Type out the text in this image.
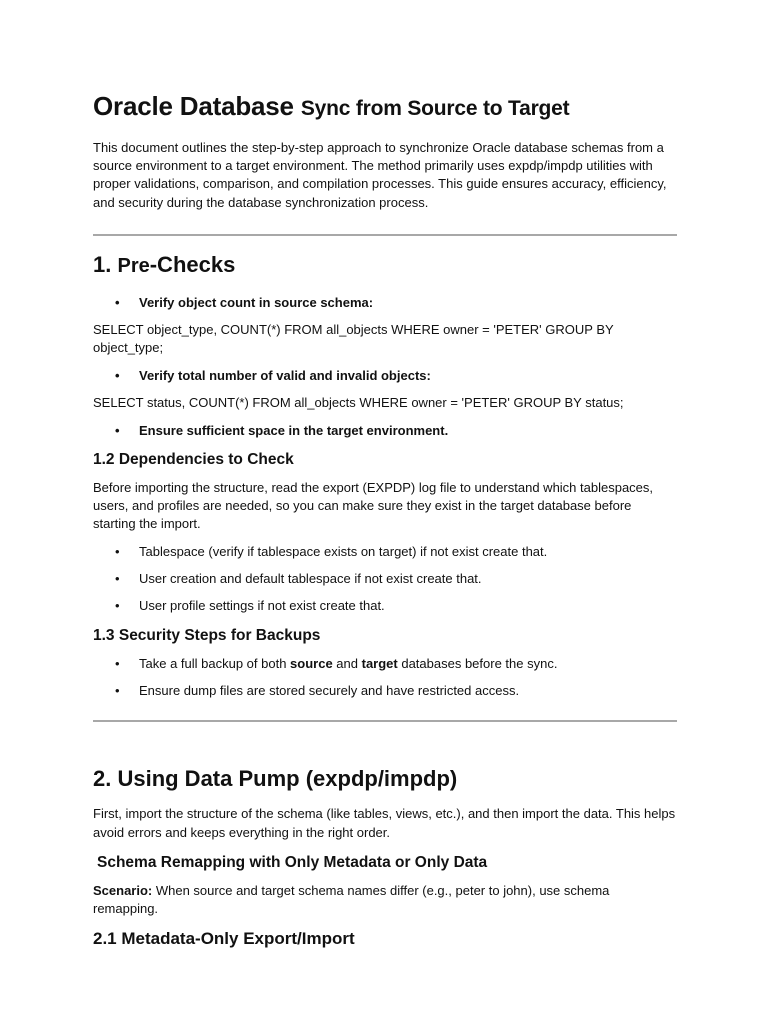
Oracle Database Sync from Source to Target

This document outlines the step-by-step approach to synchronize Oracle database schemas from a source environment to a target environment. The method primarily uses expdp/impdp utilities with proper validations, comparison, and compilation processes. This guide ensures accuracy, efficiency, and security during the database synchronization process.

1. Pre-Checks
• Verify object count in source schema:

SELECT object_type, COUNT(*) FROM all_objects WHERE owner = 'PETER' GROUP BY object_type;

• Verify total number of valid and invalid objects:

SELECT status, COUNT(*) FROM all_objects WHERE owner = 'PETER' GROUP BY status;

• Ensure sufficient space in the target environment.
1.2 Dependencies to Check

Before importing the structure, read the export (EXPDP) log file to understand which tablespaces, users, and profiles are needed, so you can make sure they exist in the target database before starting the import.

• Tablespace (verify if tablespace exists on target) if not exist create that.
• User creation and default tablespace if not exist create that.
• User profile settings if not exist create that.
1.3 Security Steps for Backups
• Take a full backup of both source and target databases before the sync.
• Ensure dump files are stored securely and have restricted access.
2. Using Data Pump (expdp/impdp)

First, import the structure of the schema (like tables, views, etc.), and then import the data. This helps avoid errors and keeps everything in the right order.

Schema Remapping with Only Metadata or Only Data

Scenario: When source and target schema names differ (e.g., peter to john), use schema remapping.

2.1 Metadata-Only Export/Import
